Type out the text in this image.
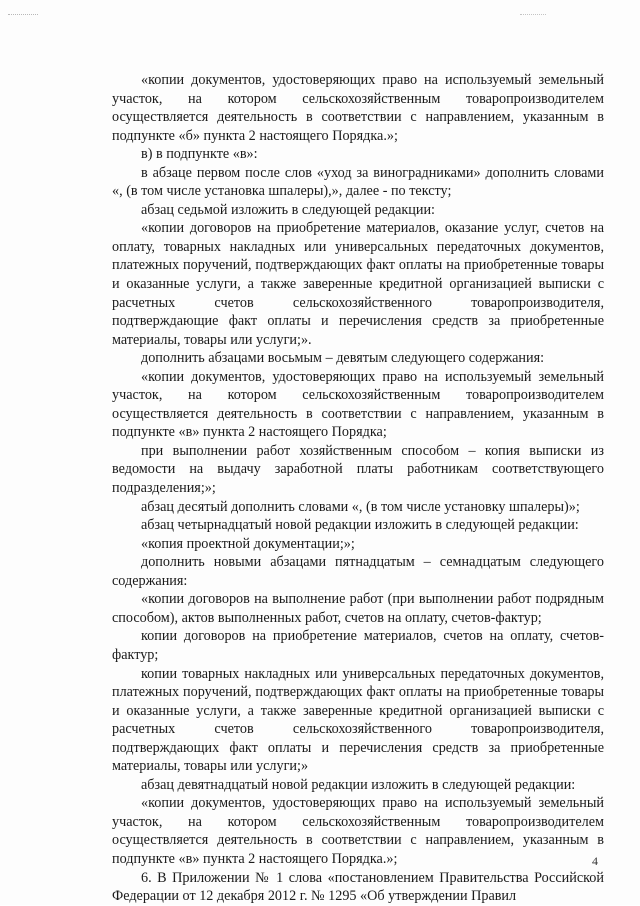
«копии документов, удостоверяющих право на используемый земельный участок, на котором сельскохозяйственным товаропроизводителем осуществляется деятельность в соответствии с направлением, указанным в подпункте «б» пункта 2 настоящего Порядка.»;

в) в подпункте «в»:

в абзаце первом после слов «уход за виноградниками» дополнить словами «, (в том числе установка шпалеры),», далее - по тексту;

абзац седьмой изложить в следующей редакции:

«копии договоров на приобретение материалов, оказание услуг, счетов на оплату, товарных накладных или универсальных передаточных документов, платежных поручений, подтверждающих факт оплаты на приобретенные товары и оказанные услуги, а также заверенные кредитной организацией выписки с расчетных счетов сельскохозяйственного товаропроизводителя, подтверждающие факт оплаты и перечисления средств за приобретенные материалы, товары или услуги;».

дополнить абзацами восьмым – девятым следующего содержания:

«копии документов, удостоверяющих право на используемый земельный участок, на котором сельскохозяйственным товаропроизводителем осуществляется деятельность в соответствии с направлением, указанным в подпункте «в» пункта 2 настоящего Порядка;

при выполнении работ хозяйственным способом – копия выписки из ведомости на выдачу заработной платы работникам соответствующего подразделения;»;

абзац десятый дополнить словами «, (в том числе установку шпалеры)»;

абзац четырнадцатый новой редакции изложить в следующей редакции:

«копия проектной документации;»;

дополнить новыми абзацами пятнадцатым – семнадцатым следующего содержания:

«копии договоров на выполнение работ (при выполнении работ подрядным способом), актов выполненных работ, счетов на оплату, счетов-фактур;

копии договоров на приобретение материалов, счетов на оплату, счетов-фактур;

копии товарных накладных или универсальных передаточных документов, платежных поручений, подтверждающих факт оплаты на приобретенные товары и оказанные услуги, а также заверенные кредитной организацией выписки с расчетных счетов сельскохозяйственного товаропроизводителя, подтверждающих факт оплаты и перечисления средств за приобретенные материалы, товары или услуги;»

абзац девятнадцатый новой редакции изложить в следующей редакции:

«копии документов, удостоверяющих право на используемый земельный участок, на котором сельскохозяйственным товаропроизводителем осуществляется деятельность в соответствии с направлением, указанным в подпункте «в» пункта 2 настоящего Порядка.»;

6. В Приложении № 1 слова «постановлением Правительства Российской Федерации от 12 декабря 2012 г. № 1295 «Об утверждении Правил

4
